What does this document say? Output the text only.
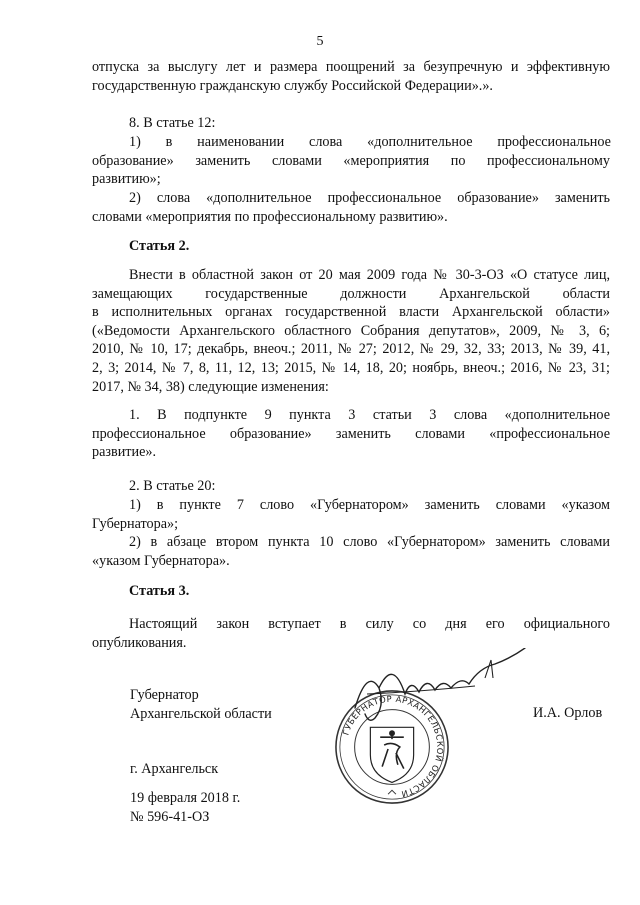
5
отпуска за выслугу лет и размера поощрений за безупречную и эффективную
государственную гражданскую службу Российской Федерации».».
8. В статье 12:
1)       в       наименовании       слова       «дополнительное       профессиональное
образование»     заменить     словами     «мероприятия     по     профессиональному
развитию»;
2) слова «дополнительное профессиональное образование» заменить
словами «мероприятия по профессиональному развитию».
Статья 2.
Внести в областной закон от 20 мая 2009 года № 30-3-ОЗ «О статусе лиц,
замещающих государственные должности Архангельской области
в исполнительных органах государственной власти Архангельской области»
(«Ведомости Архангельского областного Собрания депутатов», 2009, № 3, 6;
2010, № 10, 17; декабрь, внеоч.; 2011, № 27; 2012, № 29, 32, 33; 2013, № 39, 41,
2, 3; 2014, № 7, 8, 11, 12, 13; 2015, № 14, 18, 20; ноябрь, внеоч.; 2016, № 23, 31;
2017, № 34, 38) следующие изменения:
1. В подпункте 9 пункта 3 статьи 3 слова «дополнительное
профессиональное образование» заменить словами «профессиональное
развитие».
2. В статье 20:
1) в пункте 7 слово «Губернатором» заменить словами «указом
Губернатора»;
2) в абзаце втором пункта 10 слово «Губернатором» заменить словами
«указом Губернатора».
Статья 3.
Настоящий закон вступает в силу со дня его официального
опубликования.
ГУБЕРНАТОР АРХАНГЕЛЬСКОЙ ОБЛАСТИ
Губернатор
Архангельской области	И.А. Орлов
г. Архангельск
19 февраля 2018 г.
№ 596-41-ОЗ
